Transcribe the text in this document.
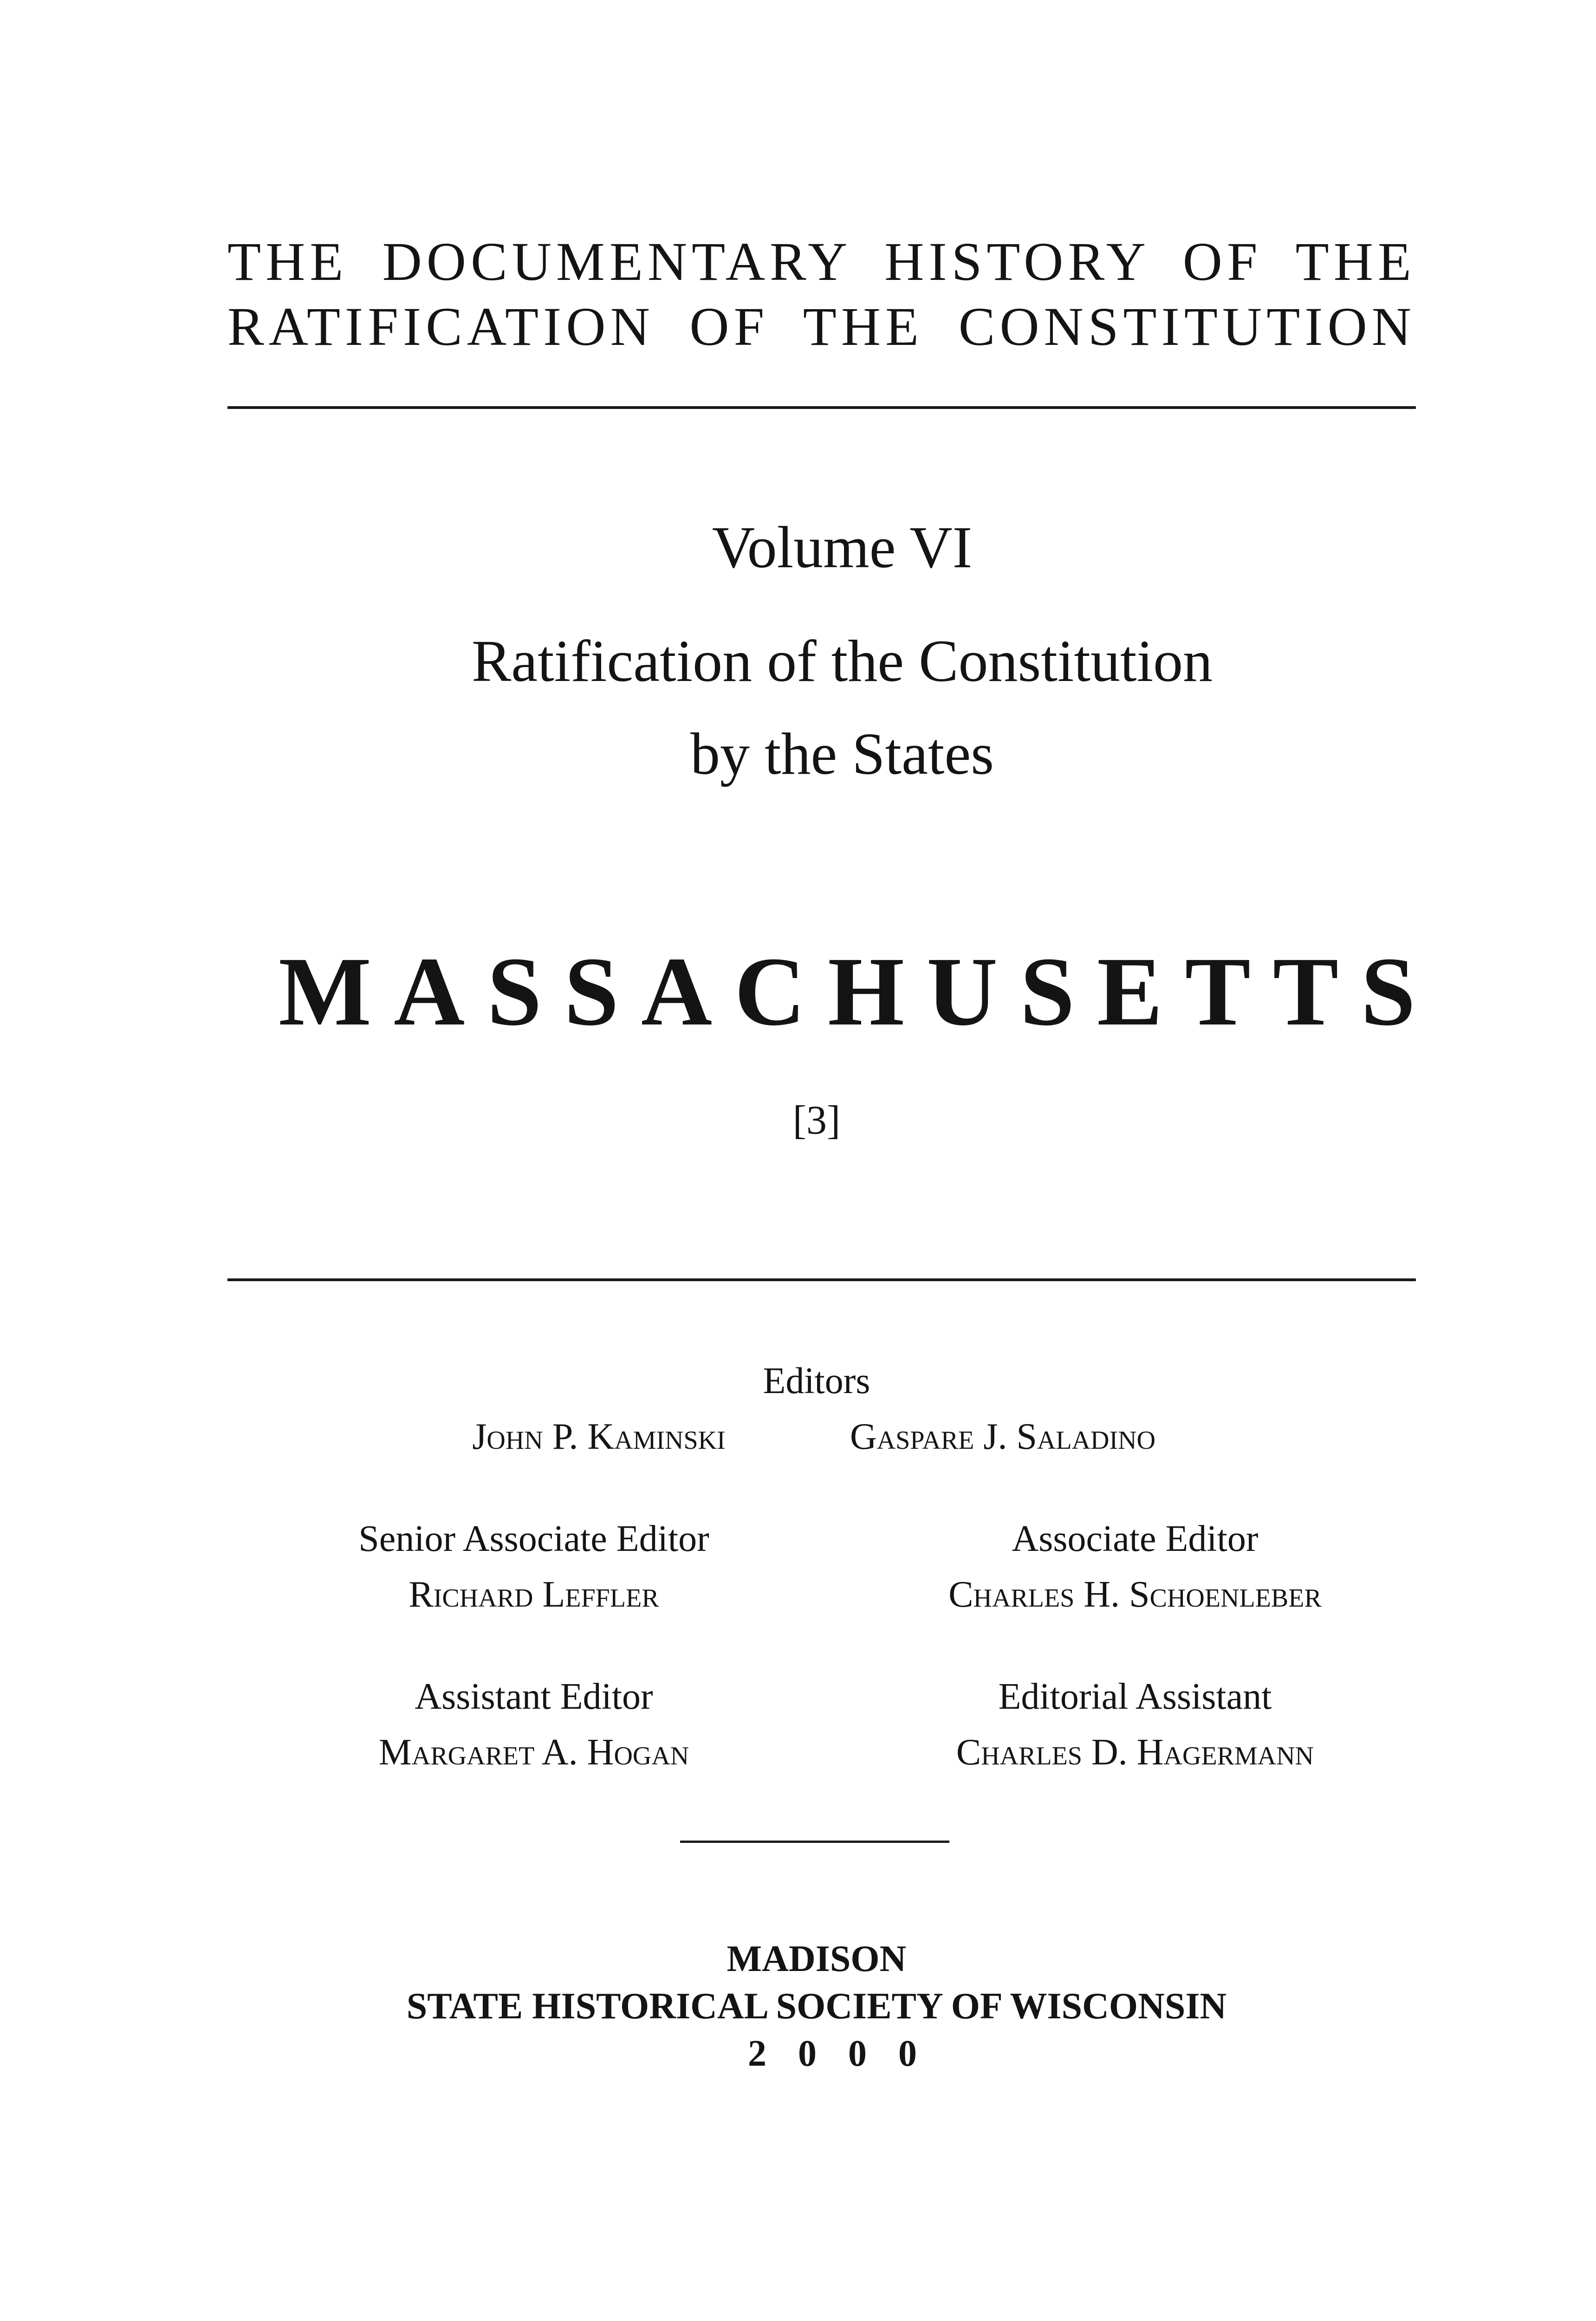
THE DOCUMENTARY HISTORY OF THE
RATIFICATION OF THE CONSTITUTION
Volume VI
Ratification of the Constitution
by the States
MASSACHUSETTS
[3]
Editors
John P. Kaminski	Gaspare J. Saladino
Senior Associate Editor
Richard Leffler
Associate Editor
Charles H. Schoenleber
Assistant Editor
Margaret A. Hogan
Editorial Assistant
Charles D. Hagermann
MADISON
STATE HISTORICAL SOCIETY OF WISCONSIN
2000
